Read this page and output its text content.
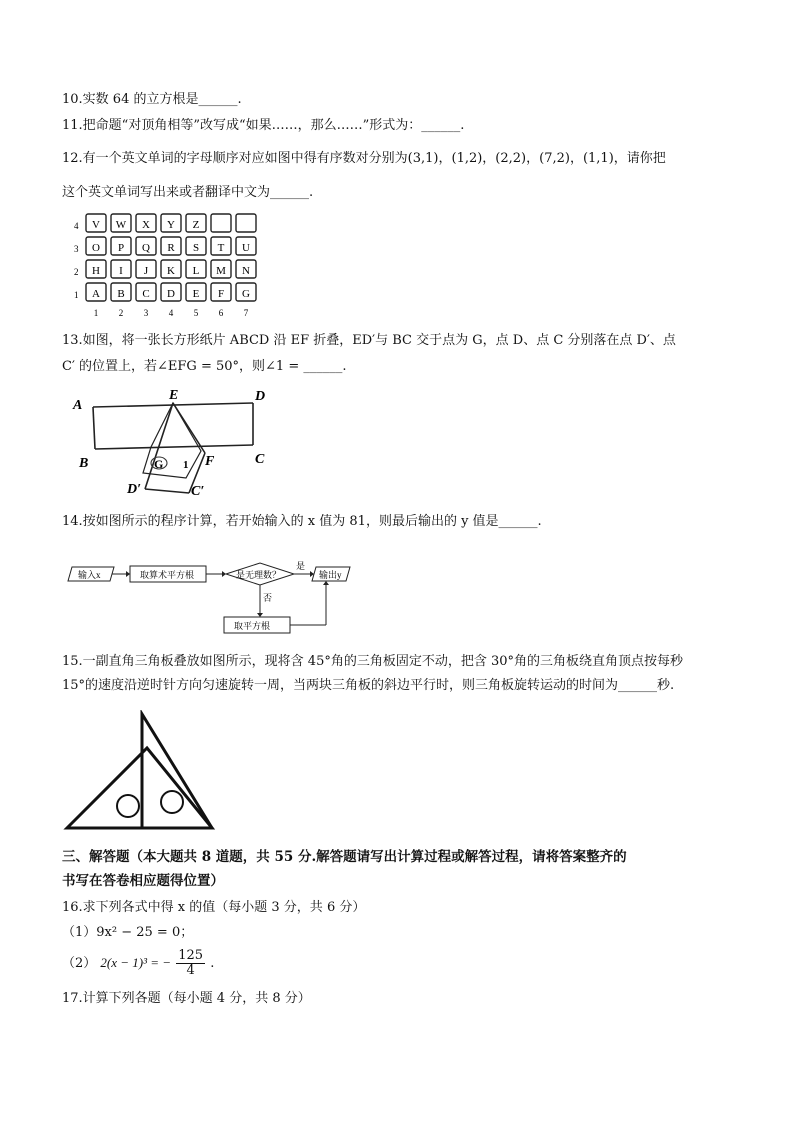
10.实数 64 的立方根是______.
11.把命题“对顶角相等”改写成“如果……，那么……”形式为：______.
12.有一个英文单词的字母顺序对应如图中得有序数对分别为(3,1)，(1,2)，(2,2)，(7,2)，(1,1)，请你把
这个英文单词写出来或者翻译中文为______.
4 V W X Y Z
3 O P Q R S T U
2 H I J K L M N
1 A B C D E F G
1 2 3 4 5 6 7
13.如图，将一张长方形纸片 ABCD 沿 EF 折叠，ED′与 BC 交于点为 G，点 D、点 C 分别落在点 D′、点
C′ 的位置上，若∠EFG = 50°，则∠1 = ______.
A
E	D
B	G 1 F	C
D′	C′
14.按如图所示的程序计算，若开始输入的 x 值为 81，则最后输出的 y 值是______.
输入x	取算术平方根	是无理数？
是
输出y
否
取平方根
15.一副直角三角板叠放如图所示，现将含 45°角的三角板固定不动，把含 30°角的三角板绕直角顶点按每秒
15°的速度沿逆时针方向匀速旋转一周，当两块三角板的斜边平行时，则三角板旋转运动的时间为______秒.
三、解答题（本大题共 8 道题，共 55 分.解答题请写出计算过程或解答过程，请将答案整齐的
书写在答卷相应题得位置）
16.求下列各式中得 x 的值（每小题 3 分，共 6 分）
（1）9x² − 25 = 0；
（2） 2(x − 1)³ = − $\frac{125}{4}$ .
17.计算下列各题（每小题 4 分，共 8 分）
